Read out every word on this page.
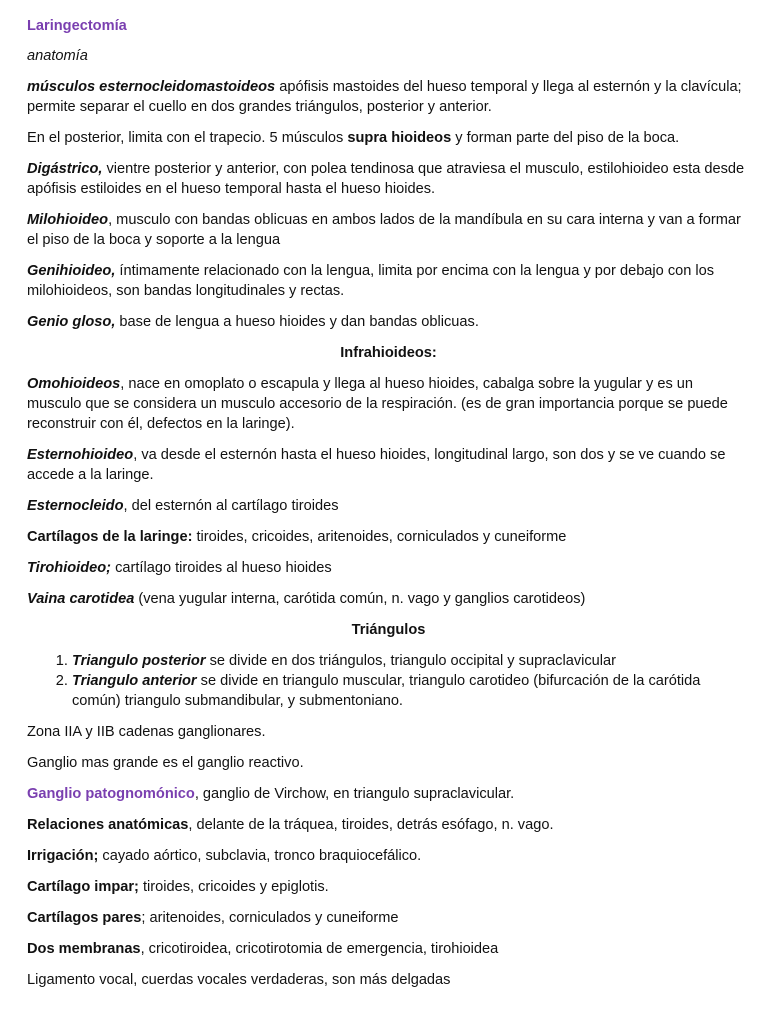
Laringectomía

anatomía

músculos esternocleidomastoideos apófisis mastoides del hueso temporal y llega al esternón y la clavícula; permite separar el cuello en dos grandes triángulos, posterior y anterior.

En el posterior, limita con el trapecio. 5 músculos supra hioideos y forman parte del piso de la boca.

Digástrico, vientre posterior y anterior, con polea tendinosa que atraviesa el musculo, estilohioideo esta desde apófisis estiloides en el hueso temporal hasta el hueso hioides.

Milohioideo, musculo con bandas oblicuas en ambos lados de la mandíbula en su cara interna y van a formar el piso de la boca y soporte a la lengua

Genihioideo, íntimamente relacionado con la lengua, limita por encima con la lengua y por debajo con los milohioideos, son bandas longitudinales y rectas.

Genio gloso, base de lengua a hueso hioides y dan bandas oblicuas.

Infrahioideos:

Omohioideos, nace en omoplato o escapula y llega al hueso hioides, cabalga sobre la yugular y es un musculo que se considera un musculo accesorio de la respiración. (es de gran importancia porque se puede reconstruir con él, defectos en la laringe).

Esternohioideo, va desde el esternón hasta el hueso hioides, longitudinal largo, son dos y se ve cuando se accede a la laringe.

Esternocleido, del esternón al cartílago tiroides

Cartílagos de la laringe: tiroides, cricoides, aritenoides, corniculados y cuneiforme

Tirohioideo; cartílago tiroides al hueso hioides

Vaina carotidea (vena yugular interna, carótida común, n. vago y ganglios carotideos)

Triángulos

1. Triangulo posterior se divide en dos triángulos, triangulo occipital y supraclavicular
2. Triangulo anterior se divide en triangulo muscular, triangulo carotideo (bifurcación de la carótida común) triangulo submandibular, y submentoniano.

Zona IIA y IIB cadenas ganglionares.

Ganglio mas grande es el ganglio reactivo.

Ganglio patognomónico, ganglio de Virchow, en triangulo supraclavicular.

Relaciones anatómicas, delante de la tráquea, tiroides, detrás esófago, n. vago.

Irrigación; cayado aórtico, subclavia, tronco braquiocefálico.

Cartílago impar; tiroides, cricoides y epiglotis.

Cartílagos pares; aritenoides, corniculados y cuneiforme

Dos membranas, cricotiroidea, cricotirotomia de emergencia, tirohioidea

Ligamento vocal, cuerdas vocales verdaderas, son más delgadas
